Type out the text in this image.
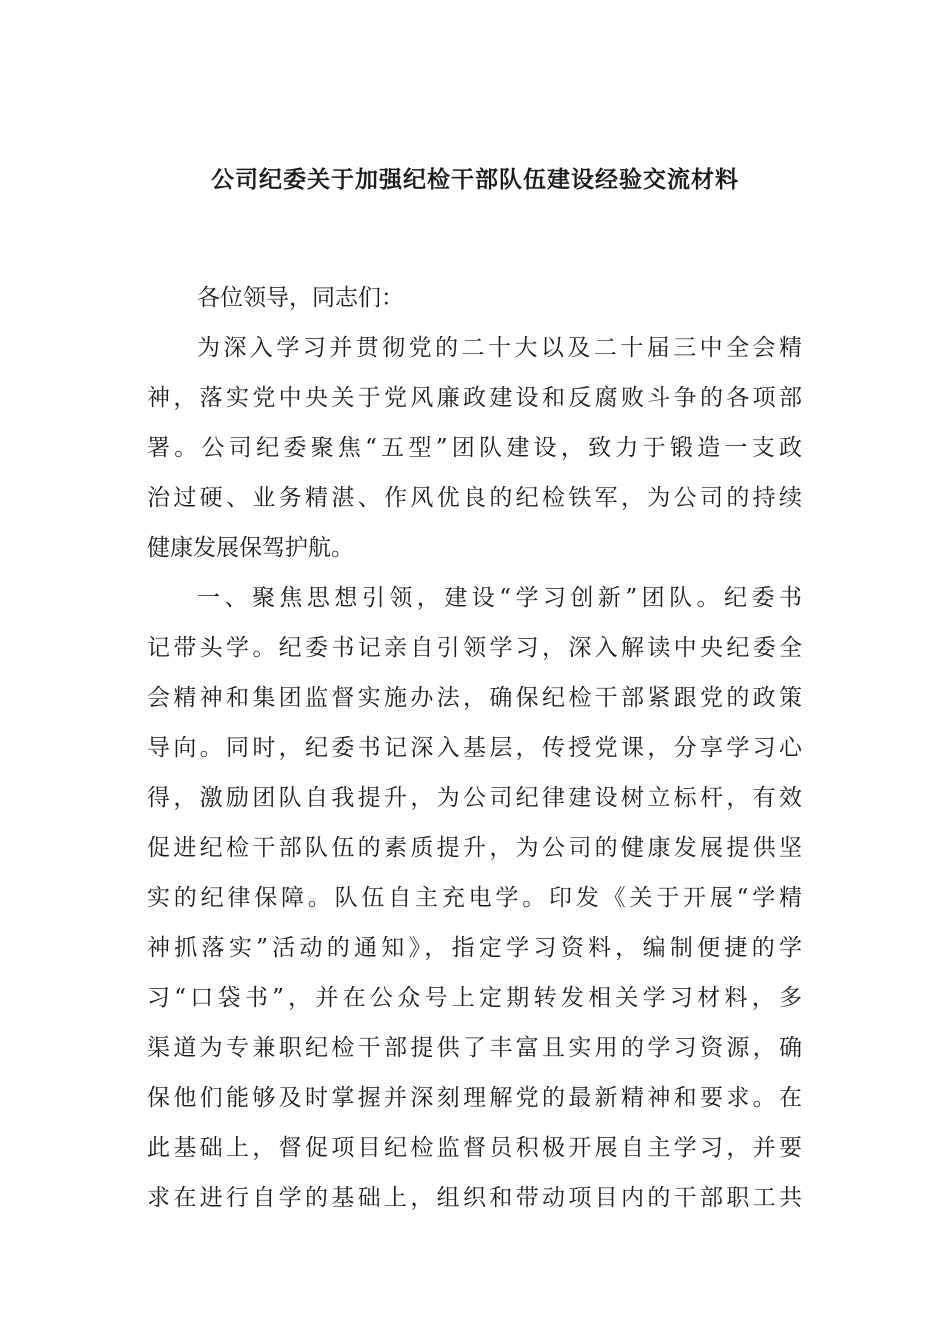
公司纪委关于加强纪检干部队伍建设经验交流材料
各位领导，同志们：
为深入学习并贯彻党的二十大以及二十届三中全会精
神，落实党中央关于党风廉政建设和反腐败斗争的各项部
署。公司纪委聚焦“五型”团队建设，致力于锻造一支政
治过硬、业务精湛、作风优良的纪检铁军，为公司的持续
健康发展保驾护航。
一、聚焦思想引领，建设“学习创新”团队。纪委书
记带头学。纪委书记亲自引领学习，深入解读中央纪委全
会精神和集团监督实施办法，确保纪检干部紧跟党的政策
导向。同时，纪委书记深入基层，传授党课，分享学习心
得，激励团队自我提升，为公司纪律建设树立标杆，有效
促进纪检干部队伍的素质提升，为公司的健康发展提供坚
实的纪律保障。队伍自主充电学。印发《关于开展“学精
神抓落实”活动的通知》，指定学习资料，编制便捷的学
习“口袋书”，并在公众号上定期转发相关学习材料，多
渠道为专兼职纪检干部提供了丰富且实用的学习资源，确
保他们能够及时掌握并深刻理解党的最新精神和要求。在
此基础上，督促项目纪检监督员积极开展自主学习，并要
求在进行自学的基础上，组织和带动项目内的干部职工共
